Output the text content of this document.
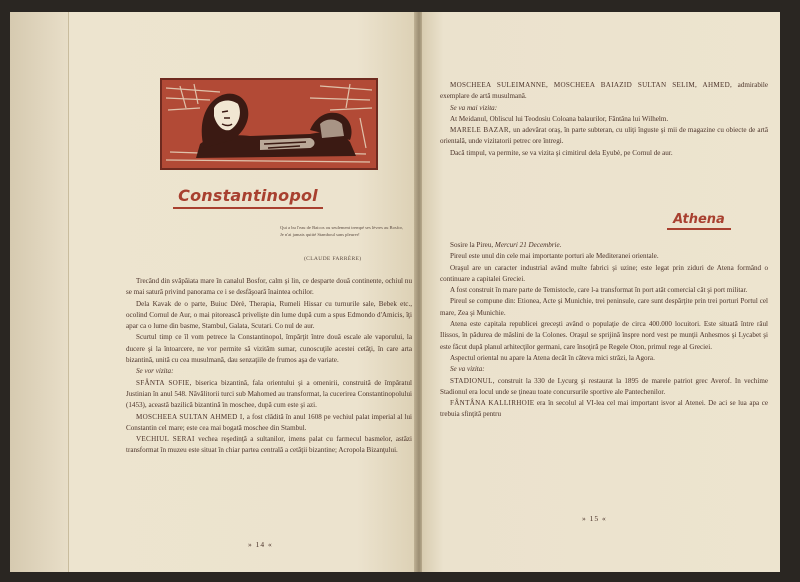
Constantinopol
Qui a bu l'eau de Baicos ou seulement trempé ses lèvres au Bosfor, Je n'ai jamais quitté Stamboul sans pleurer!
(CLAUDE FARRÈRE)

Trecând din svăpăiata mare în canalul Bosfor, calm şi lin, ce desparte două continente, ochiul nu se mai satură privind panorama ce i se desfăşoară înaintea ochilor.

Dela Kavak de o parte, Buiuc Dèrè, Therapia, Rumeli Hissar cu turnurile sale, Bebek etc., ocolind Cornul de Aur, o mai pitorească privelişte din lume după cum a spus Edmondo d'Amicis, îţi apar ca o lume din basme, Stambul, Galata, Scutari. Co nul de aur.

Scurtul timp ce îl vom petrece la Constantinopol, împărţit între două escale ale vaporului, la ducere şi la întoarcere, ne vor permite să vizităm sumar, cunoscuţile acestei cetăţi, în care arta bizantină, unită cu cea musulmană, dau senzaţiile de frumos aşa de variate.

Se vor vizita:

SFÂNTA SOFIE, biserica bizantină, fala orientului şi a omenirii, construită de împăratul Justinian în anul 548. Năvălitorii turci sub Mahomed au transformat, la cucerirea Constantinopolului (1453), această bazilică bizantină în moschee, după cum este şi azi.

MOSCHEEA SULTAN AHMED I, a fost clădită în anul 1608 pe vechiul palat imperial al lui Constantin cel mare; este cea mai bogată moschee din Stambul.

VECHIUL SERAI vechea reşedinţă a sultanilor, imens palat cu farmecul basmelor, astăzi transformat în muzeu este situat în chiar partea centrală a cetăţii bizantine; Acropola Bizanţului.

» 14 «

MOSCHEEA SULEIMANNE, MOSCHEEA BAIAZID SULTAN SELIM, AHMED, admirabile exemplare de artă musulmană.

Se va mai vizita:

At Meidanul, Obliscul lui Teodosiu Coloana balaurilor, Fântâna lui Wilhelm.

MARELE BAZAR, un adevărat oraş, în parte subteran, cu uliţi înguste şi mii de magazine cu obiecte de artă orientală, unde vizitatorii petrec ore întregi.

Dacă timpul, va permite, se va vizita şi cimitirul dela Eyubè, pe Cornul de aur.

Athena

Sosire la Pireu, Mercuri 21 Decembrie.

Pireul este unul din cele mai importante porturi ale Mediteranei orientale.

Oraşul are un caracter industrial având multe fabrici şi uzine; este legat prin ziduri de Atena formând o continuare a capitalei Greciei.

A fost construit în mare parte de Temistocle, care l-a transformat în port atât comercial cât şi port militar.

Pireul se compune din: Etionea, Acte şi Munichie, trei peninsule, care sunt despărţite prin trei porturi Portul cel mare, Zea şi Munichie.

Atena este capitala republicei greceşti având o populaţie de circa 400.000 locuitori. Este situată între râul Ilissos, în pădurea de măslini de la Colones. Oraşul se sprijină înspre nord vest pe munţii Anhesmos şi Lycabet şi este făcut după planul arhitecţilor germani, care însoţiră pe Regele Oton, primul rege al Greciei.

Aspectul oriental nu apare la Atena decât în câteva mici străzi, la Agora.

Se va vizita:

STADIONUL, construit la 330 de Lycurg şi restaurat la 1895 de marele patriot grec Averof. In vechime Stadionul era locul unde se ţineau toate concursurile sportive ale Pantechenilor.

FÂNTÂNA KALLIRHOIE era în secolul al VI-lea cel mai important isvor al Atenei. De aci se lua apa ce trebuia sfinţită pentru

» 15 «
